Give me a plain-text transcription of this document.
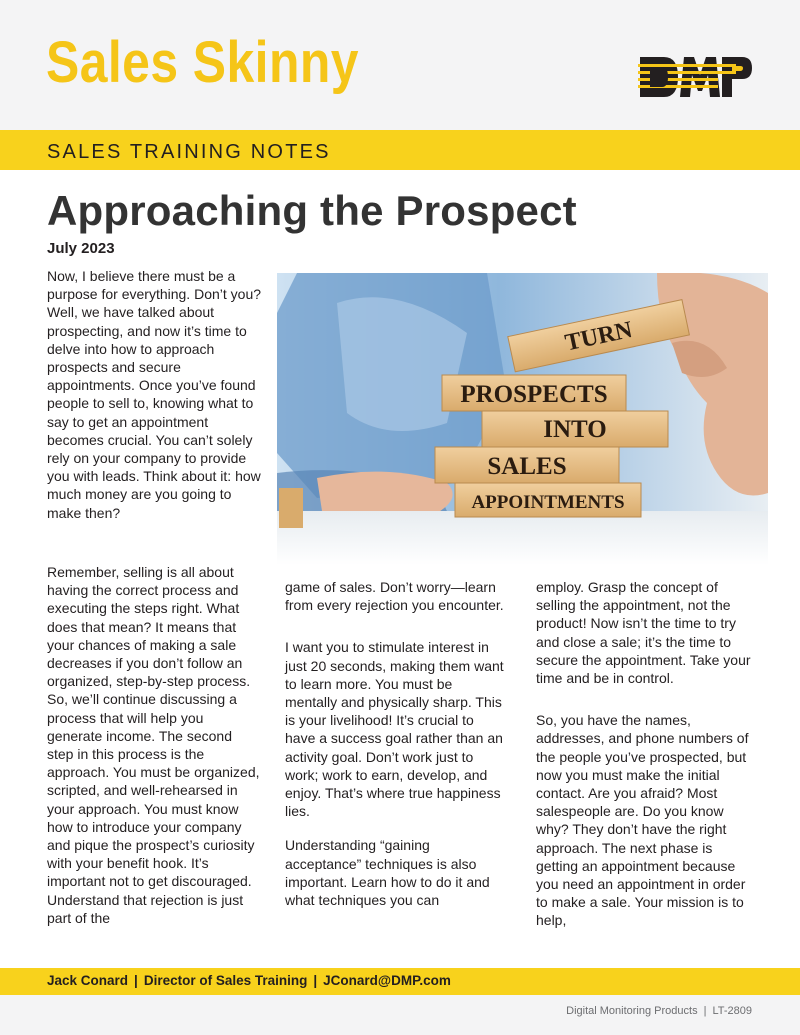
Sales Skinny
SALES TRAINING NOTES
Approaching the Prospect
July 2023

Now, I believe there must be a purpose for everything. Don’t you? Well, we have talked about prospecting, and now it’s time to delve into how to approach prospects and secure appointments. Once you’ve found people to sell to, knowing what to say to get an appointment becomes crucial. You can’t solely rely on your company to provide you with leads. Think about it: how much money are you going to make then?

Remember, selling is all about having the correct process and executing the steps right. What does that mean? It means that your chances of making a sale decreases if you don’t follow an organized, step-by-step process. So, we’ll continue discussing a process that will help you generate income. The second step in this process is the approach. You must be organized, scripted, and well-rehearsed in your approach. You must know how to introduce your company and pique the prospect’s curiosity with your benefit hook. It’s important not to get discouraged. Understand that rejection is just part of the

TURN
PROSPECTS
INTO
SALES
APPOINTMENTS

game of sales. Don’t worry—learn from every rejection you encounter.

I want you to stimulate interest in just 20 seconds, making them want to learn more. You must be mentally and physically sharp. This is your livelihood! It’s crucial to have a success goal rather than an activity goal. Don’t work just to work; work to earn, develop, and enjoy. That’s where true happiness lies.

Understanding “gaining acceptance” techniques is also important. Learn how to do it and what techniques you can

employ. Grasp the concept of selling the appointment, not the product! Now isn’t the time to try and close a sale; it’s the time to secure the appointment. Take your time and be in control.

So, you have the names, addresses, and phone numbers of the people you’ve prospected, but now you must make the initial contact. Are you afraid? Most salespeople are. Do you know why? They don’t have the right approach. The next phase is getting an appointment because you need an appointment in order to make a sale. Your mission is to help,

Jack Conard | Director of Sales Training | JConard@DMP.com
Digital Monitoring Products | LT-2809
